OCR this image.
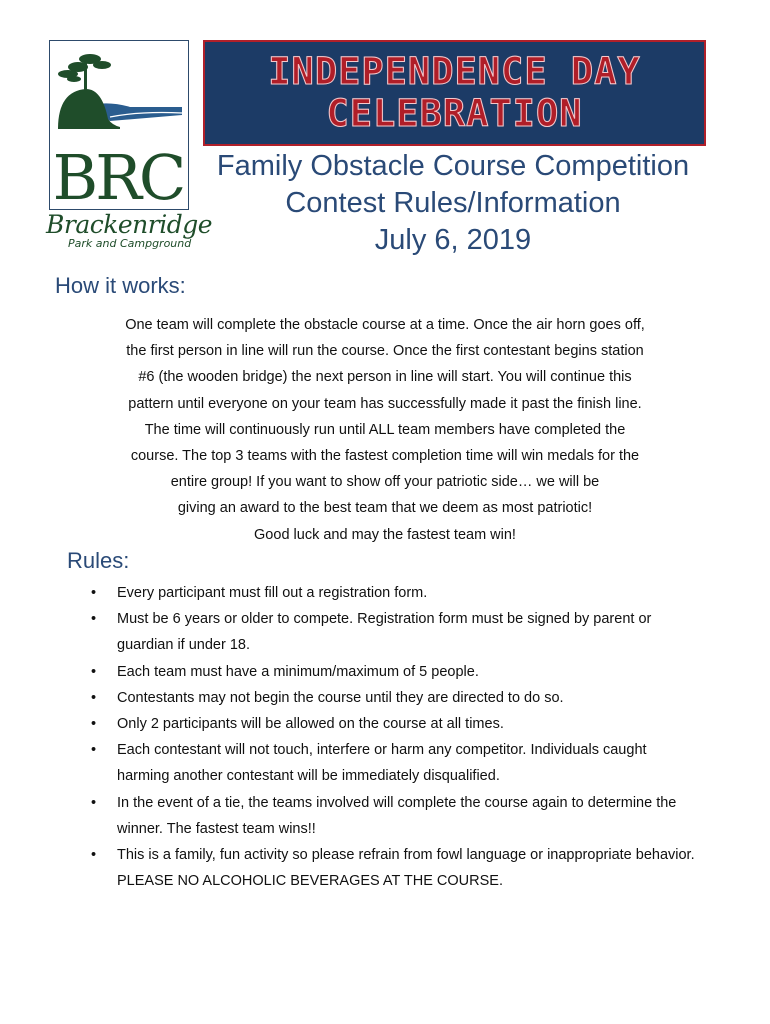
BRC
Brackenridge
Park and Campground
INDEPENDENCE DAY
CELEBRATION
Family Obstacle Course Competition
Contest Rules/Information
July 6, 2019
How it works:

One team will complete the obstacle course at a time. Once the air horn goes off,

the first person in line will run the course. Once the first contestant begins station

#6 (the wooden bridge) the next person in line will start. You will continue this

pattern until everyone on your team has successfully made it past the finish line.

The time will continuously run until ALL team members have completed the

course. The top 3 teams with the fastest completion time will win medals for the

entire group! If you want to show off your patriotic side… we will be

giving an award to the best team that we deem as most patriotic!

Good luck and may the fastest team win!

Rules:
• Every participant must fill out a registration form.
• Must be 6 years or older to compete. Registration form must be signed by parent or guardian if under 18.
• Each team must have a minimum/maximum of 5 people.
• Contestants may not begin the course until they are directed to do so.
• Only 2 participants will be allowed on the course at all times.
• Each contestant will not touch, interfere or harm any competitor. Individuals caught harming another contestant will be immediately disqualified.
• In the event of a tie, the teams involved will complete the course again to determine the winner. The fastest team wins!!
• This is a family, fun activity so please refrain from fowl language or inappropriate behavior. PLEASE NO ALCOHOLIC BEVERAGES AT THE COURSE.
